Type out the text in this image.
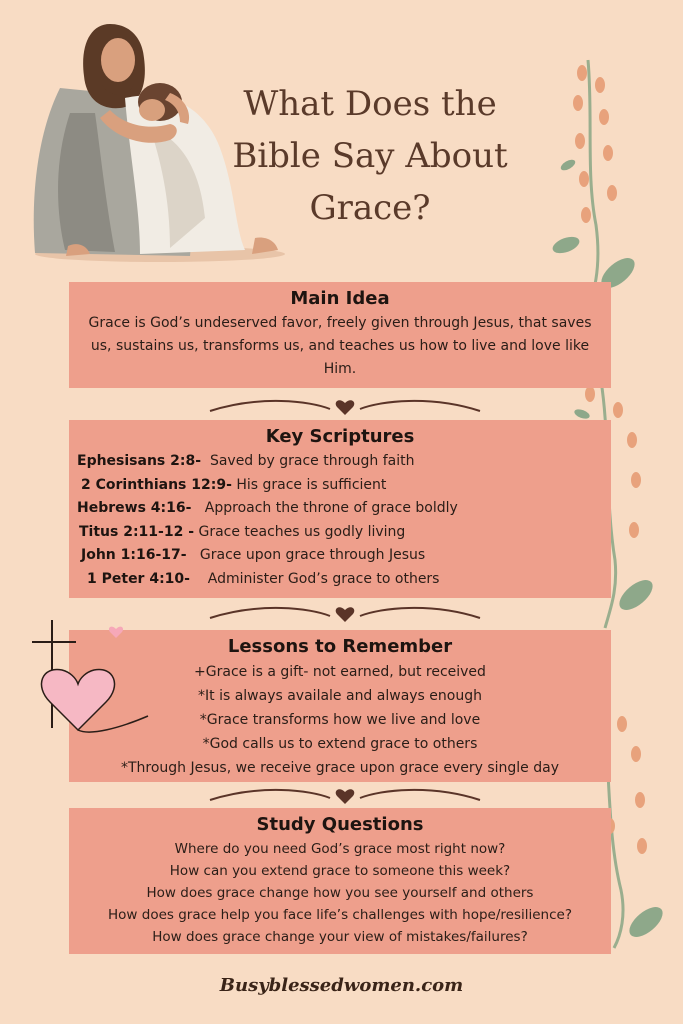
What Does the Bible Say About Grace?
Main Idea

Grace is God’s undeserved favor, freely given through Jesus, that saves us, sustains us, transforms us, and teaches us how to live and love like Him.

Key Scriptures
Ephesisans 2:8- Saved by grace through faith
2 Corinthians 12:9- His grace is sufficient
Hebrews 4:16- Approach the throne of grace boldly
Titus 2:11-12 - Grace teaches us godly living
John 1:16-17- Grace upon grace through Jesus
1 Peter 4:10- Administer God’s grace to others
Lessons to Remember
+Grace is a gift- not earned, but received
*It is always availale and always enough
*Grace transforms how we live and love
*God calls us to extend grace to others
*Through Jesus, we receive grace upon grace every single day
Study Questions
Where do you need God’s grace most right now?
How can you extend grace to someone this week?
How does grace change how you see yourself and others
How does grace help you face life’s challenges with hope/resilience?
How does grace change your view of mistakes/failures?
Busyblessedwomen.com
